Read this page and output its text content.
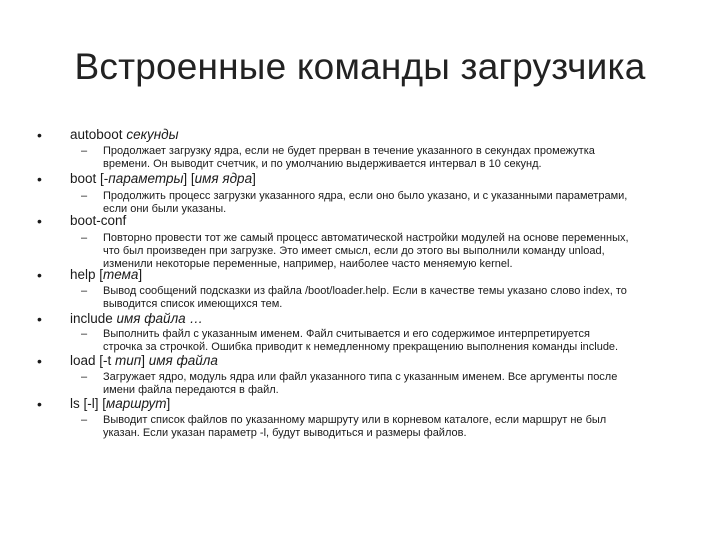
Встроенные команды загрузчика
• autoboot секунды
– Продолжает загрузку ядра, если не будет прерван в течение указанного в секундах промежутка
времени. Он выводит счетчик, и по умолчанию выдерживается интервал в 10 секунд.
• boot [-параметры] [имя ядра]
– Продолжить процесс загрузки указанного ядра, если оно было указано, и с указанными параметрами,
если они были указаны.
• boot-conf
– Повторно провести тот же самый процесс автоматической настройки модулей на основе переменных,
что был произведен при загрузке. Это имеет смысл, если до этого вы выполнили команду unload,
изменили некоторые переменные, например, наиболее часто меняемую kernel.
• help [тема]
– Вывод сообщений подсказки из файла /boot/loader.help. Если в качестве темы указано слово index, то
выводится список имеющихся тем.
• include имя файла …
– Выполнить файл с указанным именем. Файл считывается и его содержимое интерпретируется
строчка за строчкой. Ошибка приводит к немедленному прекращению выполнения команды include.
• load [-t тип] имя файла
– Загружает ядро, модуль ядра или файл указанного типа с указанным именем. Все аргументы после
имени файла передаются в файл.
• ls [-l] [маршрут]
– Выводит список файлов по указанному маршруту или в корневом каталоге, если маршрут не был
указан. Если указан параметр -l, будут выводиться и размеры файлов.
